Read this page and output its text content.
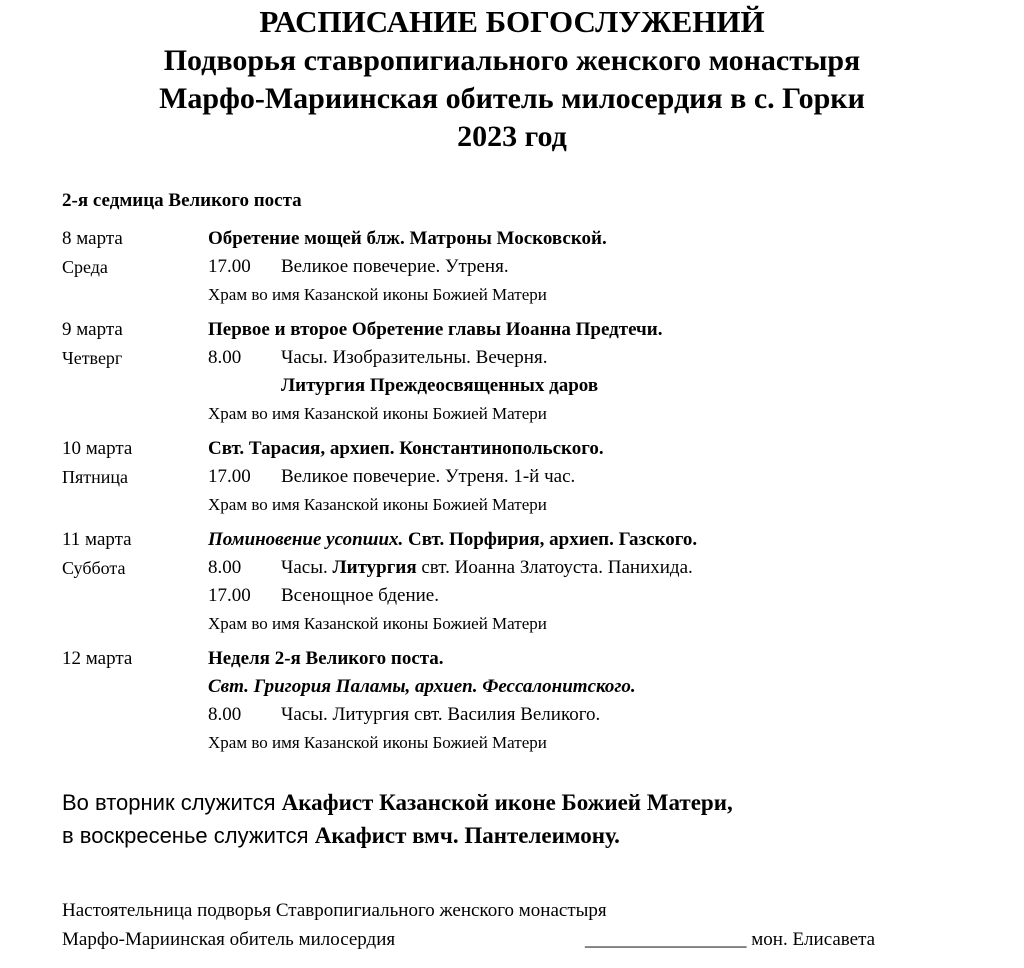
РАСПИСАНИЕ БОГОСЛУЖЕНИЙ
Подворья ставропигиального женского монастыря
Марфо-Мариинская обитель милосердия в с. Горки
2023 год
2-я седмица Великого поста
8 марта
Среда
Обретение мощей блж. Матроны Московской.
17.00 Великое повечерие. Утреня.
Храм во имя Казанской иконы Божией Матери
9 марта
Четверг
Первое и второе Обретение главы Иоанна Предтечи.
8.00 Часы. Изобразительны. Вечерня.
Литургия Преждеосвященных даров
Храм во имя Казанской иконы Божией Матери
10 марта
Пятница
Свт. Тарасия, архиеп. Константинопольского.
17.00 Великое повечерие. Утреня. 1-й час.
Храм во имя Казанской иконы Божией Матери
11 марта
Суббота
Поминовение усопших. Свт. Порфирия, архиеп. Газского.
8.00 Часы. Литургия свт. Иоанна Златоуста. Панихида.
17.00 Всенощное бдение.
Храм во имя Казанской иконы Божией Матери
12 марта	Неделя 2-я Великого поста.
Свт. Григория Паламы, архиеп. Фессалонитского.
8.00 Часы. Литургия свт. Василия Великого.
Храм во имя Казанской иконы Божией Матери
Во вторник служится Акафист Казанской иконе Божией Матери,
в воскресенье служится Акафист вмч. Пантелеимону.
Настоятельница подворья Ставропигиального женского монастыря
Марфо-Мариинская обитель милосердия	_________________ мон. Елисавета
